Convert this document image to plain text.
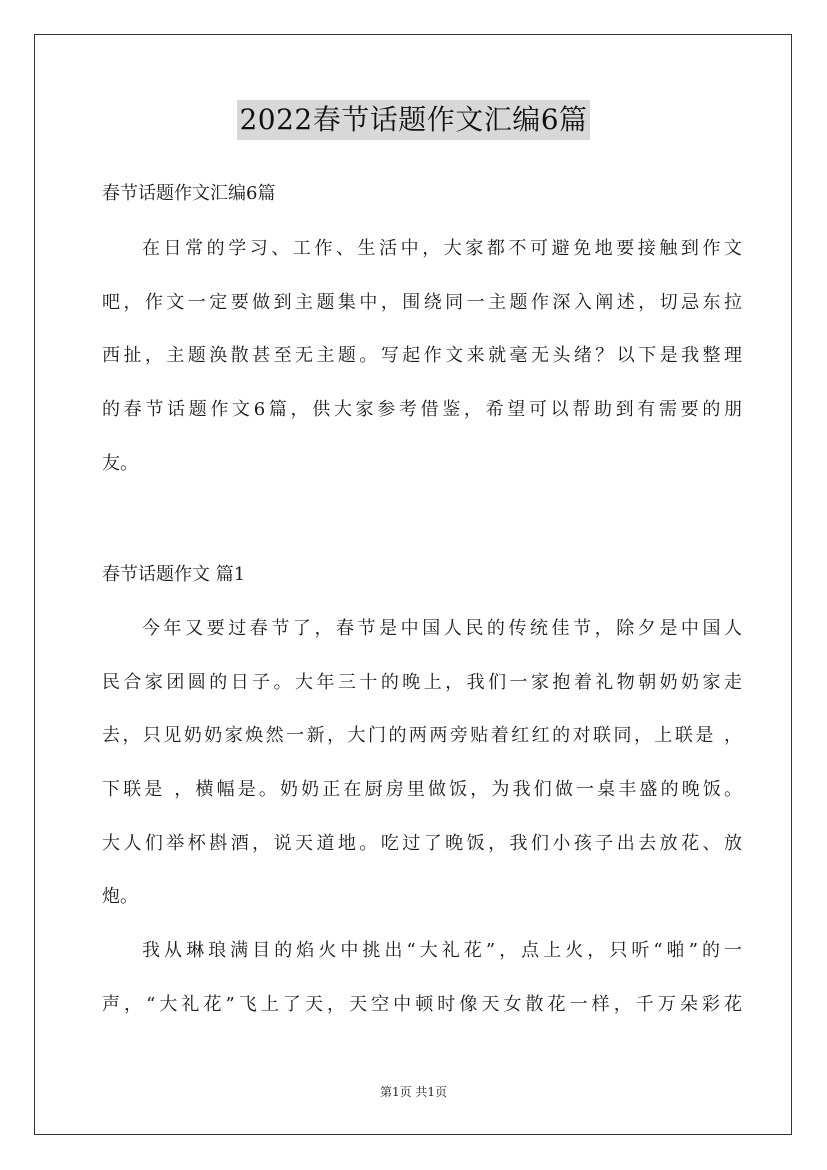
2022春节话题作文汇编6篇
春节话题作文汇编6篇
在日常的学习、工作、生活中，大家都不可避免地要接触到作文
吧，作文一定要做到主题集中，围绕同一主题作深入阐述，切忌东拉
西扯，主题涣散甚至无主题。写起作文来就毫无头绪？以下是我整理
的春节话题作文6篇，供大家参考借鉴，希望可以帮助到有需要的朋
友。
春节话题作文 篇1
今年又要过春节了，春节是中国人民的传统佳节，除夕是中国人
民合家团圆的日子。大年三十的晚上，我们一家抱着礼物朝奶奶家走
去，只见奶奶家焕然一新，大门的两两旁贴着红红的对联同，上联是 ，
下联是 ，横幅是。奶奶正在厨房里做饭，为我们做一桌丰盛的晚饭。
大人们举杯斟酒，说天道地。吃过了晚饭，我们小孩子出去放花、放
炮。
我从琳琅满目的焰火中挑出“大礼花”，点上火，只听“啪”的一
声，“大礼花”飞上了天，天空中顿时像天女散花一样，千万朵彩花
第1页 共1页
